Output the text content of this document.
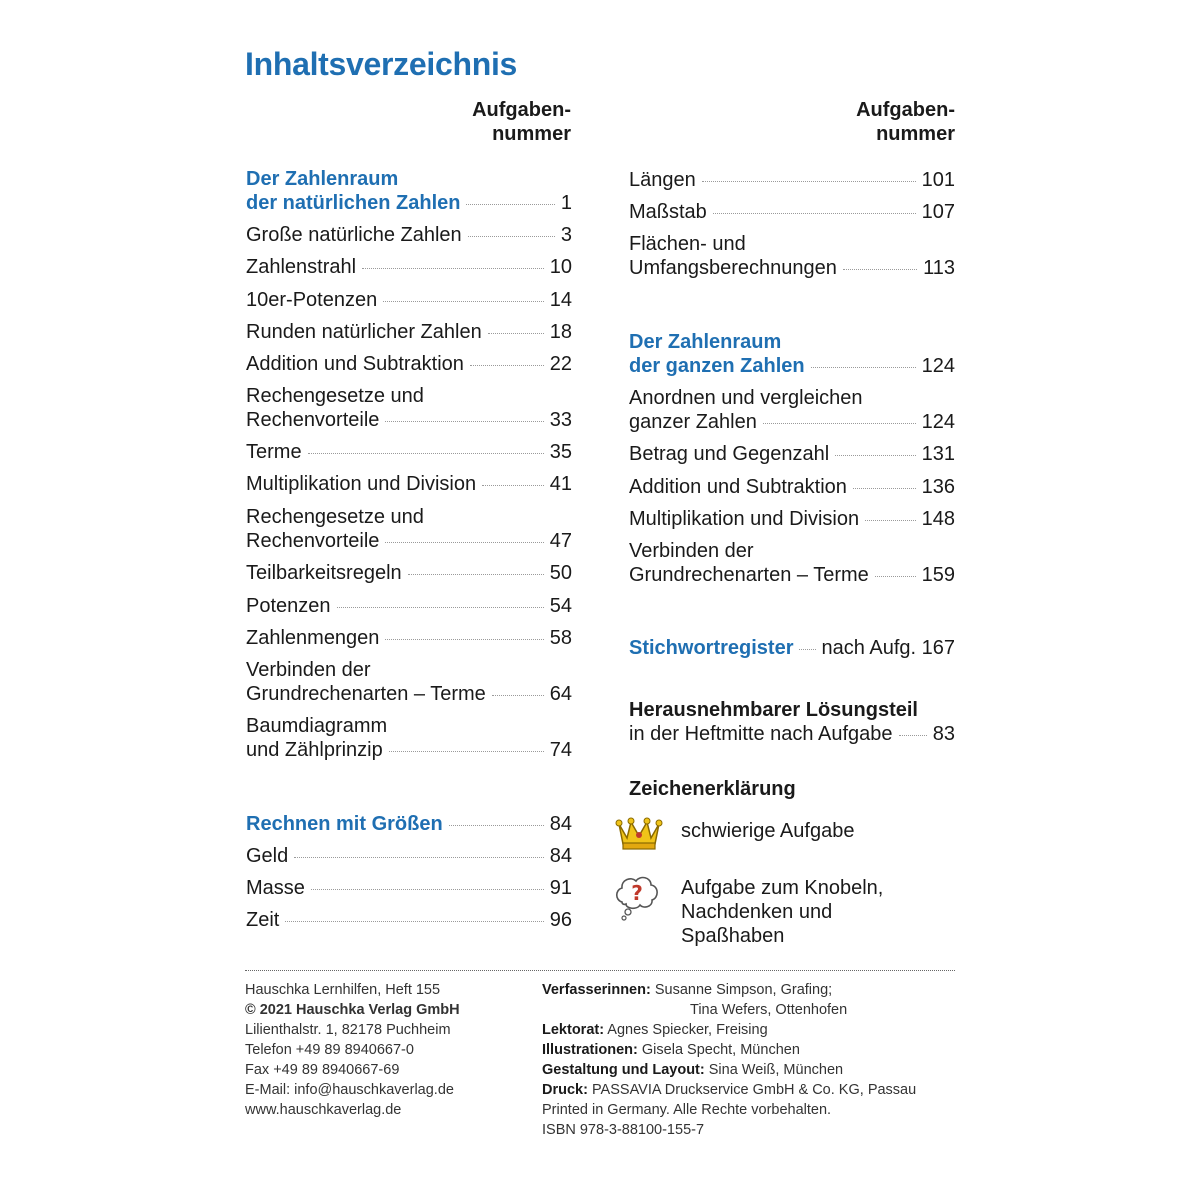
Inhaltsverzeichnis
Aufgaben-
nummer
Aufgaben-
nummer
Der Zahlenraum
der natürlichen Zahlen	1
Große natürliche Zahlen	3
Zahlenstrahl	10
10er-Potenzen	14
Runden natürlicher Zahlen	18
Addition und Subtraktion	22
Rechengesetze und
Rechenvorteile	33
Terme	35
Multiplikation und Division	41
Rechengesetze und
Rechenvorteile	47
Teilbarkeitsregeln	50
Potenzen	54
Zahlenmengen	58
Verbinden der
Grundrechenarten – Terme	64
Baumdiagramm
und Zählprinzip	74
Rechnen mit Größen	84
Geld	84
Masse	91
Zeit	96
Längen	101
Maßstab	107
Flächen- und
Umfangsberechnungen	113
Der Zahlenraum
der ganzen Zahlen	124
Anordnen und vergleichen
ganzer Zahlen	124
Betrag und Gegenzahl	131
Addition und Subtraktion	136
Multiplikation und Division	148
Verbinden der
Grundrechenarten – Terme	159
Stichwortregister nach Aufg. 167
Herausnehmbarer Lösungsteil
in der Heftmitte nach Aufgabe 83
Zeichenerklärung
schwierige Aufgabe
? Aufgabe zum Knobeln,
Nachdenken und
Spaßhaben
Hauschka Lernhilfen, Heft 155
© 2021 Hauschka Verlag GmbH
Lilienthalstr. 1, 82178 Puchheim
Telefon +49 89 8940667-0
Fax +49 89 8940667-69
E-Mail: info@hauschkaverlag.de
www.hauschkaverlag.de
Verfasserinnen: Susanne Simpson, Grafing;
Tina Wefers, Ottenhofen
Lektorat: Agnes Spiecker, Freising
Illustrationen: Gisela Specht, München
Gestaltung und Layout: Sina Weiß, München
Druck: PASSAVIA Druckservice GmbH & Co. KG, Passau
Printed in Germany. Alle Rechte vorbehalten.
ISBN 978-3-88100-155-7
